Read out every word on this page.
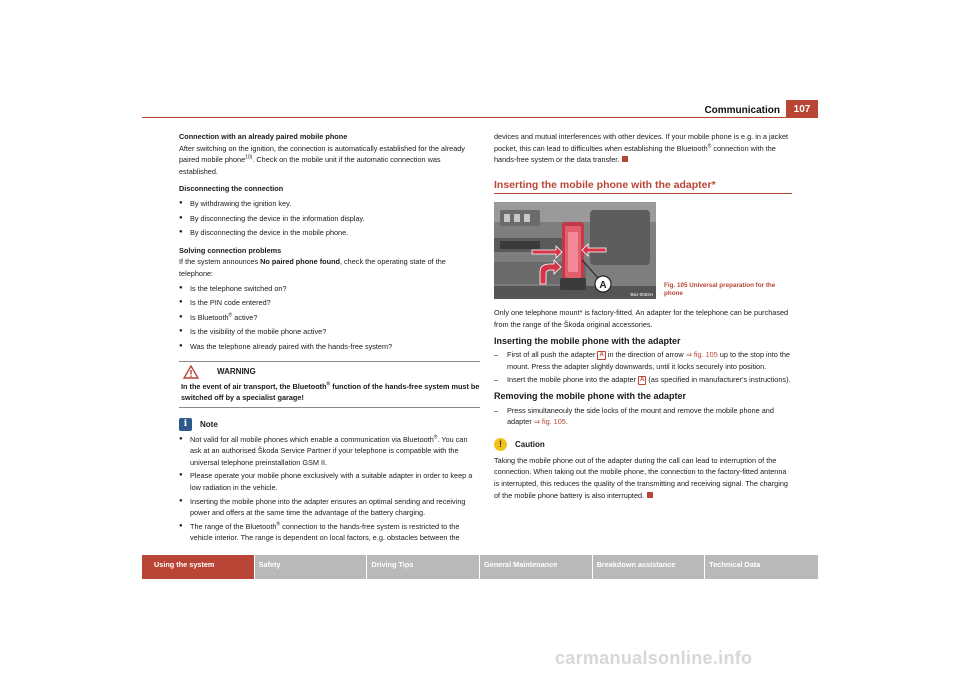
Communication	107
Connection with an already paired mobile phone
After switching on the ignition, the connection is automatically established for the already paired mobile phone$^{10)}$. Check on the mobile unit if the automatic connection was established.
Disconnecting the connection
● By withdrawing the ignition key.
● By disconnecting the device in the information display.
● By disconnecting the device in the mobile phone.
Solving connection problems
If the system announces No paired phone found, check the operating state of the telephone:
● Is the telephone switched on?
● Is the PIN code entered?
● Is Bluetooth® active?
● Is the visibility of the mobile phone active?
● Was the telephone already paired with the hands-free system?
WARNING
In the event of air transport, the Bluetooth® function of the hands-free system must be switched off by a specialist garage!
i	Note
● Not valid for all mobile phones which enable a communication via Bluetooth®. You can ask at an authorised Škoda Service Partner if your telephone is compatible with the universal telephone preinstallation GSM II.
● Please operate your mobile phone exclusively with a suitable adapter in order to keep a low radiation in the vehicle.
● Inserting the mobile phone into the adapter ensures an optimal sending and receiving power and offers at the same time the advantage of the battery charging.
● The range of the Bluetooth® connection to the hands-free system is restricted to the vehicle interior. The range is dependent on local factors, e.g. obstacles between the
devices and mutual interferences with other devices. If your mobile phone is e.g. in a jacket pocket, this can lead to difficulties when establishing the Bluetooth® connection with the hands-free system or the data transfer.
Inserting the mobile phone with the adapter*
A
B6J-0082H
Fig. 105 Universal preparation for the phone
Only one telephone mount* is factory-fitted. An adapter for the telephone can be purchased from the range of the Škoda original accessories.
Inserting the mobile phone with the adapter
– First of all push the adapter A in the direction of arrow ⇒ fig. 105 up to the stop into the mount. Press the adapter slightly downwards, until it locks securely into position.
– Insert the mobile phone into the adapter A (as specified in manufacturer's instructions).
Removing the mobile phone with the adapter
– Press simultaneouly the side locks of the mount and remove the mobile phone and adapter ⇒ fig. 105.
!	Caution
Taking the mobile phone out of the adapter during the call can lead to interruption of the connection. When taking out the mobile phone, the connection to the factory-fitted antenna is interrupted, this reduces the quality of the transmitting and receiving signal. The charging of the mobile phone battery is also interrupted.
Using the system	Safety	Driving Tips	General Maintenance	Breakdown assistance	Technical Data
carmanualsonline.info
